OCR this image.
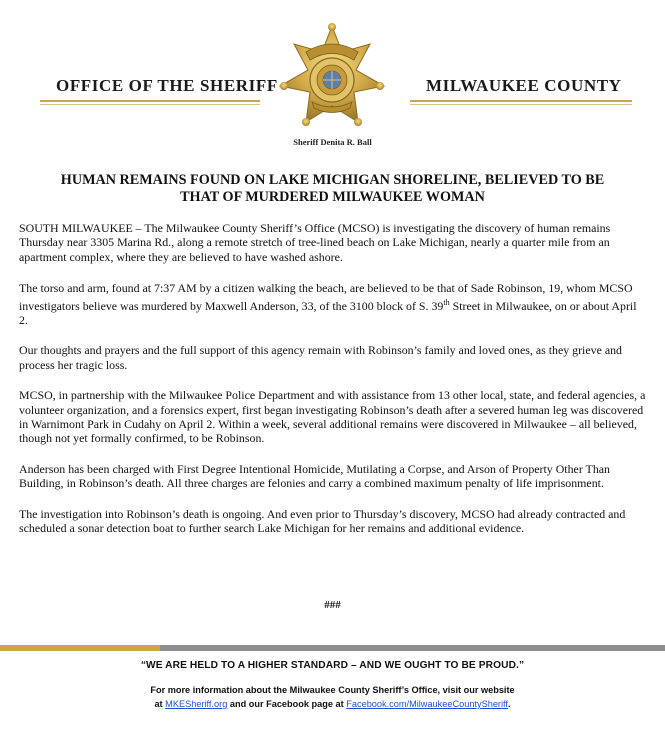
OFFICE OF THE SHERIFF	MILWAUKEE COUNTY
Sheriff Denita R. Ball
HUMAN REMAINS FOUND ON LAKE MICHIGAN SHORELINE, BELIEVED TO BE
THAT OF MURDERED MILWAUKEE WOMAN

SOUTH MILWAUKEE – The Milwaukee County Sheriff’s Office (MCSO) is investigating the discovery of human remains Thursday near 3305 Marina Rd., along a remote stretch of tree-lined beach on Lake Michigan, nearly a quarter mile from an apartment complex, where they are believed to have washed ashore.

The torso and arm, found at 7:37 AM by a citizen walking the beach, are believed to be that of Sade Robinson, 19, whom MCSO investigators believe was murdered by Maxwell Anderson, 33, of the 3100 block of S. 39th Street in Milwaukee, on or about April 2.

Our thoughts and prayers and the full support of this agency remain with Robinson’s family and loved ones, as they grieve and process her tragic loss.

MCSO, in partnership with the Milwaukee Police Department and with assistance from 13 other local, state, and federal agencies, a volunteer organization, and a forensics expert, first began investigating Robinson’s death after a severed human leg was discovered in Warnimont Park in Cudahy on April 2. Within a week, several additional remains were discovered in Milwaukee – all believed, though not yet formally confirmed, to be Robinson.

Anderson has been charged with First Degree Intentional Homicide, Mutilating a Corpse, and Arson of Property Other Than Building, in Robinson’s death. All three charges are felonies and carry a combined maximum penalty of life imprisonment.

The investigation into Robinson’s death is ongoing. And even prior to Thursday’s discovery, MCSO had already contracted and scheduled a sonar detection boat to further search Lake Michigan for her remains and additional evidence.

###
“WE ARE HELD TO A HIGHER STANDARD – AND WE OUGHT TO BE PROUD.”
For more information about the Milwaukee County Sheriff’s Office, visit our website
at MKESheriff.org and our Facebook page at Facebook.com/MilwaukeeCountySheriff.
